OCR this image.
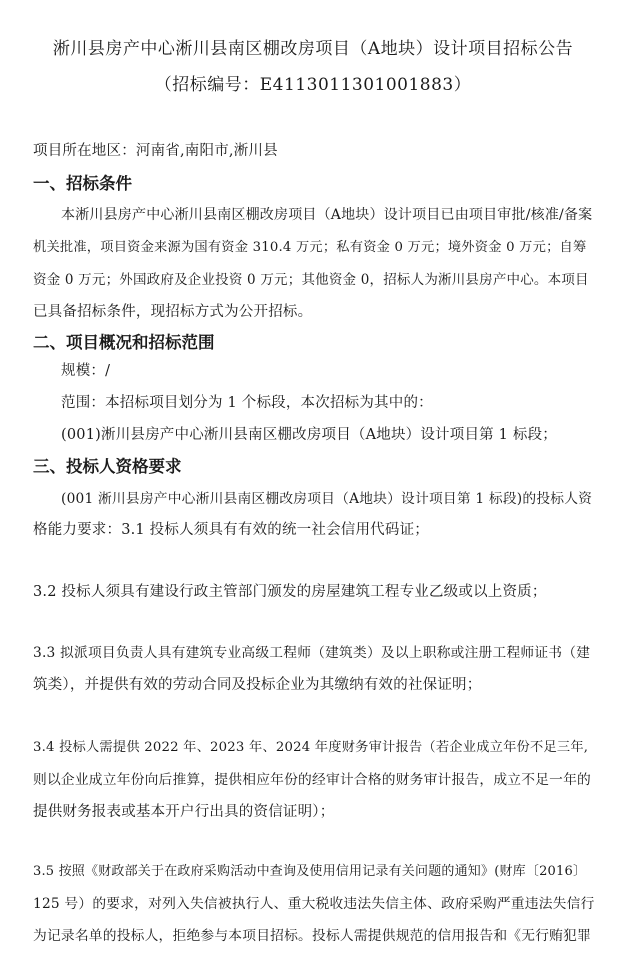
淅川县房产中心淅川县南区棚改房项目（A地块）设计项目招标公告
（招标编号：E4113011301001883）
项目所在地区：河南省,南阳市,淅川县
一、招标条件
本淅川县房产中心淅川县南区棚改房项目（A地块）设计项目已由项目审批/核准/备案
机关批准，项目资金来源为国有资金 310.4 万元；私有资金 0 万元；境外资金 0 万元；自筹
资金 0 万元；外国政府及企业投资 0 万元；其他资金 0，招标人为淅川县房产中心。本项目
已具备招标条件，现招标方式为公开招标。
二、项目概况和招标范围
规模：/
范围：本招标项目划分为 1 个标段，本次招标为其中的：
(001)淅川县房产中心淅川县南区棚改房项目（A地块）设计项目第 1 标段；
三、投标人资格要求
(001 淅川县房产中心淅川县南区棚改房项目（A地块）设计项目第 1 标段)的投标人资
格能力要求：3.1 投标人须具有有效的统一社会信用代码证；
3.2 投标人须具有建设行政主管部门颁发的房屋建筑工程专业乙级或以上资质；
3.3 拟派项目负责人具有建筑专业高级工程师（建筑类）及以上职称或注册工程师证书（建
筑类），并提供有效的劳动合同及投标企业为其缴纳有效的社保证明；
3.4 投标人需提供 2022 年、2023 年、2024 年度财务审计报告（若企业成立年份不足三年,
则以企业成立年份向后推算，提供相应年份的经审计合格的财务审计报告，成立不足一年的
提供财务报表或基本开户行出具的资信证明）；
3.5 按照《财政部关于在政府采购活动中查询及使用信用记录有关问题的通知》(财库〔2016〕
125 号）的要求，对列入失信被执行人、重大税收违法失信主体、政府采购严重违法失信行
为记录名单的投标人，拒绝参与本项目招标。投标人需提供规范的信用报告和《无行贿犯罪
